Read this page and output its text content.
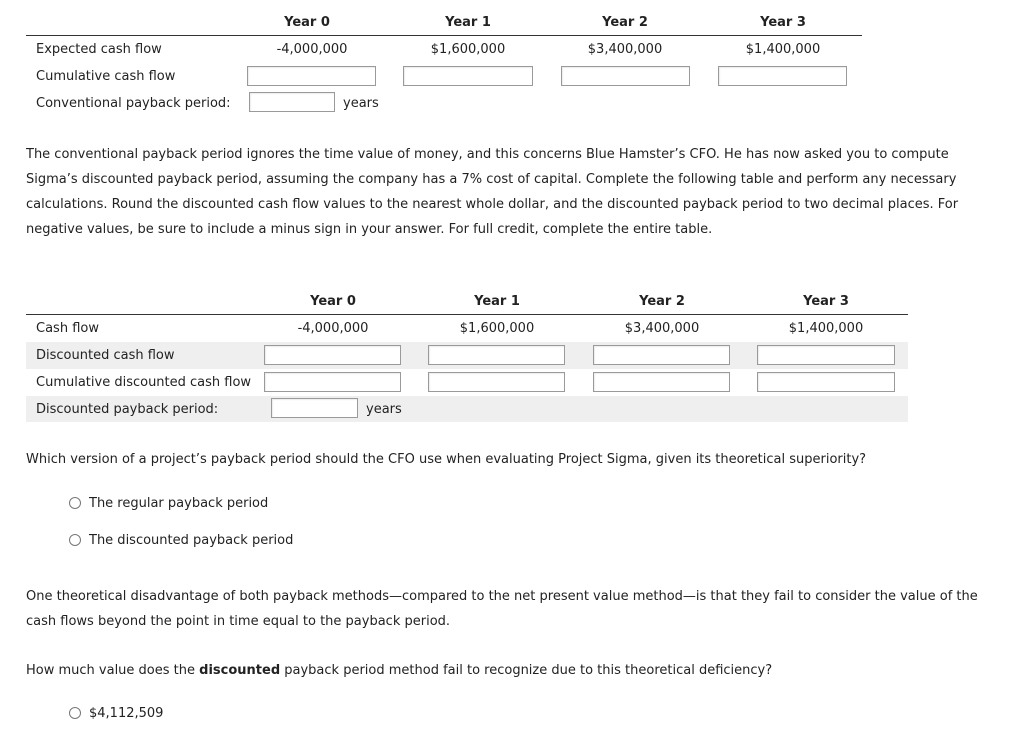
Year 0	Year 1	Year 2	Year 3
Expected cash flow	-4,000,000	$1,600,000	$3,400,000	$1,400,000
Cumulative cash flow
Conventional payback period:	years
The conventional payback period ignores the time value of money, and this concerns Blue Hamster’s CFO. He has now asked you to compute Sigma’s discounted payback period, assuming the company has a 7% cost of capital. Complete the following table and perform any necessary calculations. Round the discounted cash flow values to the nearest whole dollar, and the discounted payback period to two decimal places. For negative values, be sure to include a minus sign in your answer. For full credit, complete the entire table.
Year 0	Year 1	Year 2	Year 3
Cash flow	-4,000,000	$1,600,000	$3,400,000	$1,400,000
Discounted cash flow
Cumulative discounted cash flow
Discounted payback period:	years
Which version of a project’s payback period should the CFO use when evaluating Project Sigma, given its theoretical superiority?
The regular payback period
The discounted payback period
One theoretical disadvantage of both payback methods—compared to the net present value method—is that they fail to consider the value of the cash flows beyond the point in time equal to the payback period.
How much value does the discounted payback period method fail to recognize due to this theoretical deficiency?
$4,112,509
